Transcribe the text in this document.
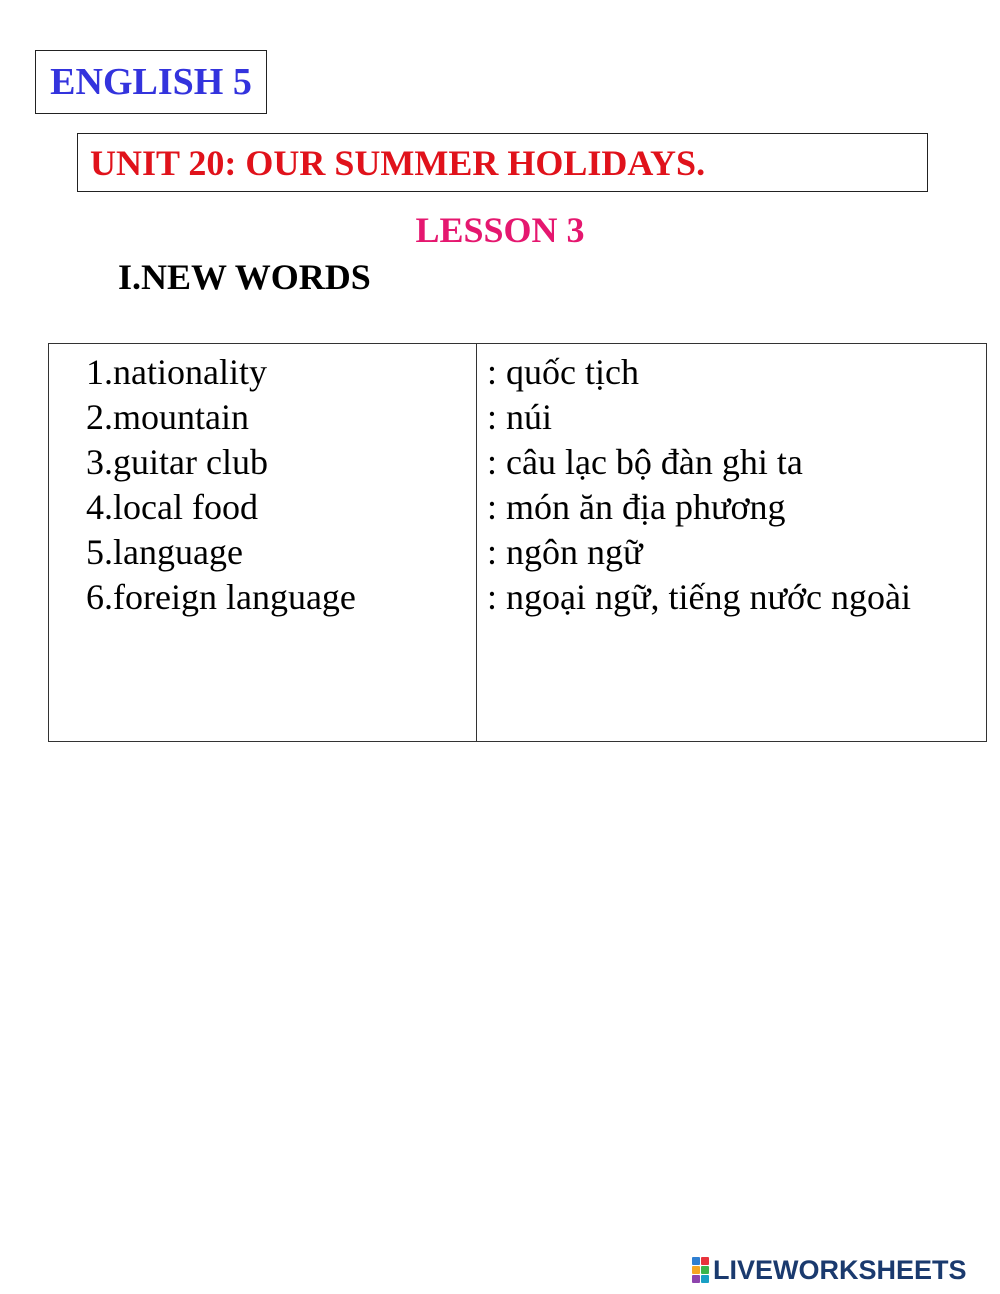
ENGLISH 5
UNIT 20: OUR SUMMER HOLIDAYS.
LESSON 3
I.NEW WORDS
1.nationality
2.mountain
3.guitar club
4.local food
5.language
6.foreign language
: quốc tịch
: núi
: câu lạc bộ đàn ghi ta
: món ăn địa phương
: ngôn ngữ
: ngoại ngữ, tiếng nước ngoài
LIVEWORKSHEETS
